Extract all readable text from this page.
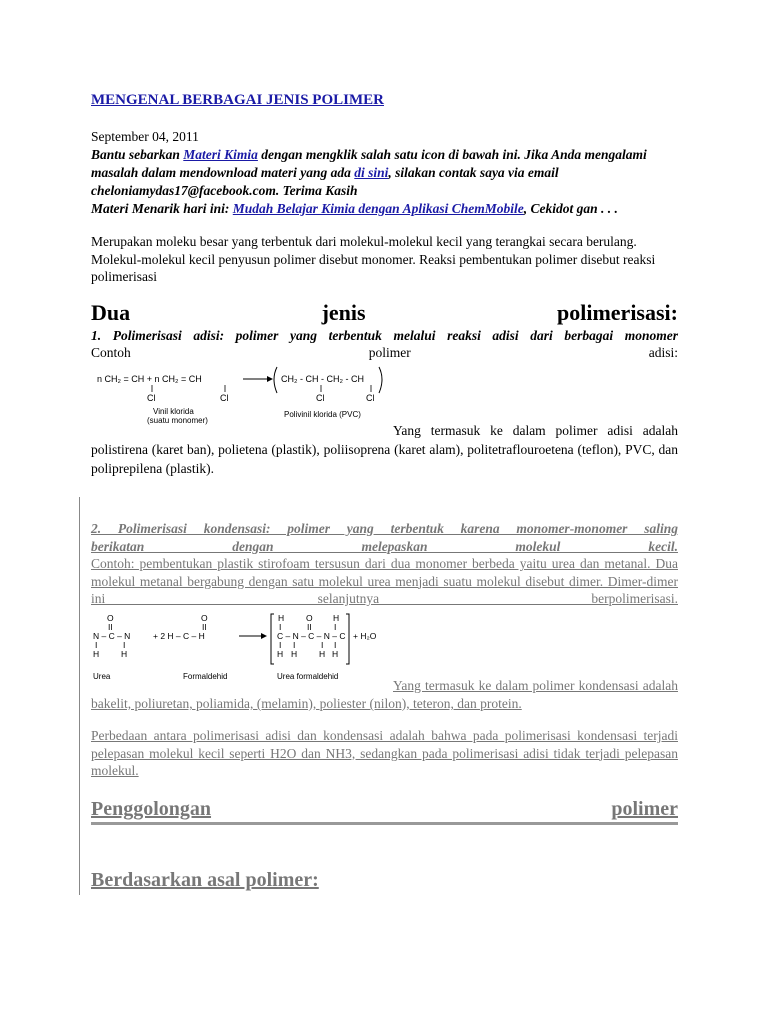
MENGENAL BERBAGAI JENIS POLIMER
September 04, 2011
Bantu sebarkan Materi Kimia dengan mengklik salah satu icon di bawah ini. Jika Anda mengalami masalah dalam mendownload materi yang ada di sini, silakan contak saya via email cheloniamydas17@facebook.com. Terima Kasih
Materi Menarik hari ini: Mudah Belajar Kimia dengan Aplikasi ChemMobile, Cekidot gan . . .

Merupakan moleku besar yang terbentuk dari molekul-molekul kecil yang terangkai secara berulang. Molekul-molekul kecil penyusun polimer disebut monomer. Reaksi pembentukan polimer disebut reaksi polimerisasi

Dua	jenis	polimerisasi:
1. Polimerisasi adisi: polimer yang terbentuk melalui reaksi adisi dari berbagai monomer
Contoh	polimer	adisi:
n CH₂ = CH + n CH₂ = CH
Cl	Cl
CH₂ - CH - CH₂ - CH
Cl	Cl
Vinil klorida
(suatu monomer)
Polivinil klorida (PVC)
Yang termasuk ke dalam polimer adisi adalah polistirena (karet ban), polietena (plastik), poliisoprena (karet alam), politetraflouroetena (teflon), PVC, dan poliprepilena (plastik).
2. Polimerisasi kondensasi: polimer yang terbentuk karena monomer-monomer saling
berikatan dengan melepaskan molekul kecil.
Contoh: pembentukan plastik stirofoam tersusun dari dua monomer berbeda yaitu urea dan metanal. Dua molekul metanal bergabung dengan satu molekul urea menjadi suatu molekul disebut dimer. Dimer-dimer ini selanjutnya berpolimerisasi.
O
II
N – C – N
I	I
H	H
O
II
+ 2 H – C – H
H	O H
I	II	I
C – N – C – N – C
I I	I I
H H	H H
+ H₂O
Urea	Formaldehid	Urea formaldehid
Yang termasuk ke dalam polimer kondensasi adalah bakelit, poliuretan, poliamida, (melamin), poliester (nilon), teteron, dan protein.
Perbedaan antara polimerisasi adisi dan kondensasi adalah bahwa pada polimerisasi kondensasi terjadi pelepasan molekul kecil seperti H2O dan NH3, sedangkan pada polimerisasi adisi tidak terjadi pelepasan molekul.
Penggolongan	polimer
Berdasarkan asal polimer:
